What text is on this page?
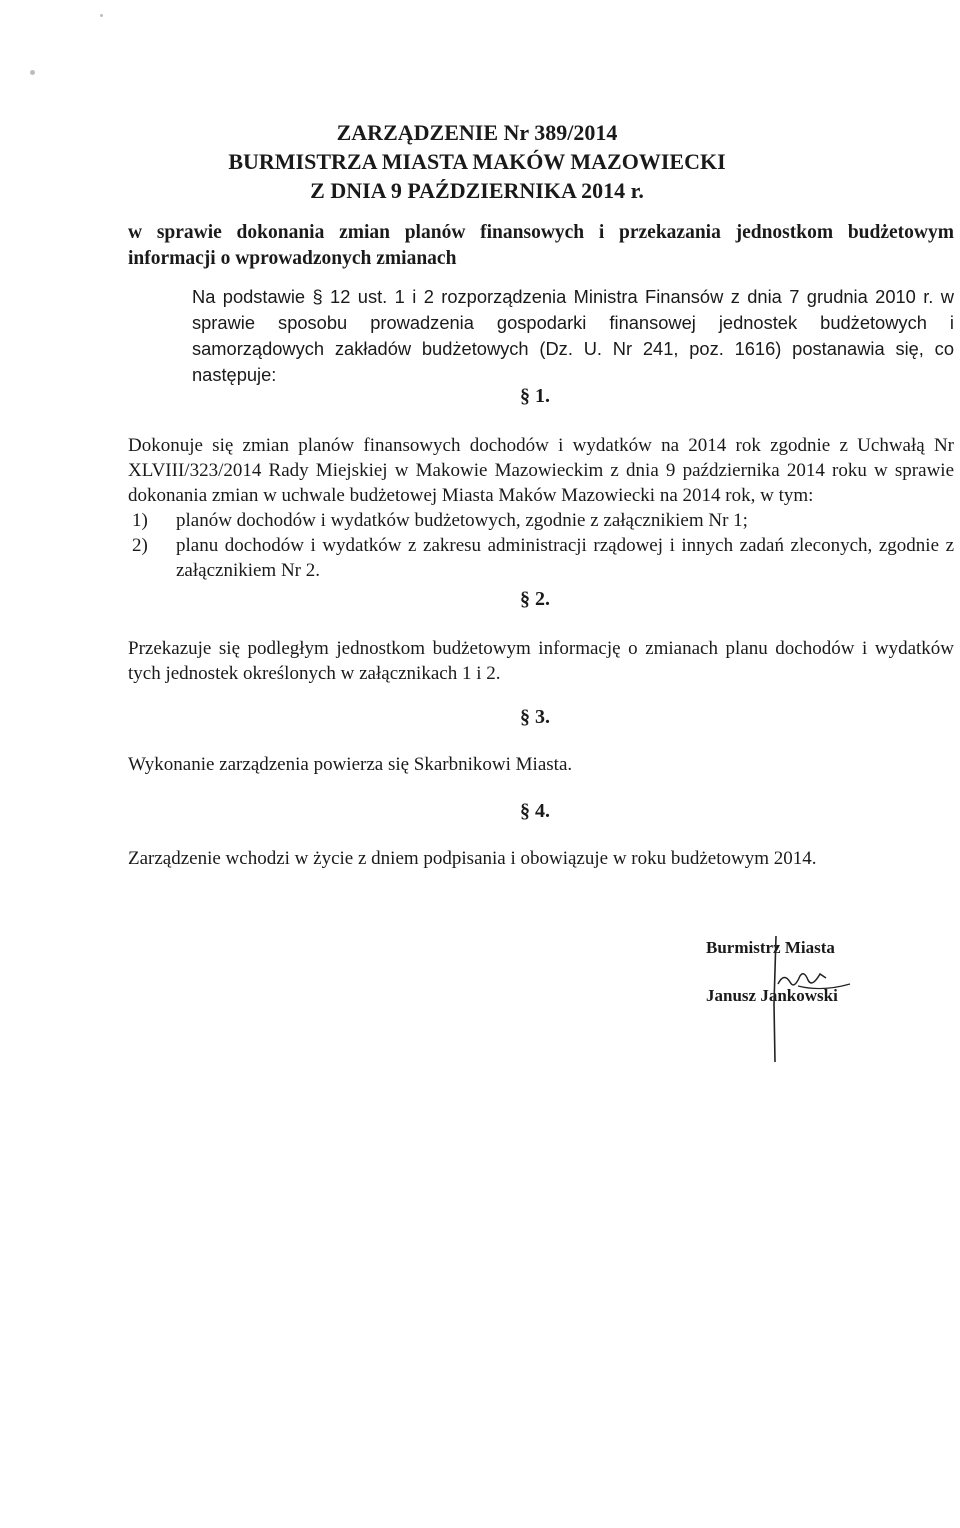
ZARZĄDZENIE Nr 389/2014
BURMISTRZA MIASTA MAKÓW MAZOWIECKI
Z DNIA 9 PAŹDZIERNIKA 2014 r.
w sprawie dokonania zmian planów finansowych i przekazania jednostkom budżetowym informacji o wprowadzonych zmianach
Na podstawie § 12 ust. 1 i 2 rozporządzenia Ministra Finansów z dnia 7 grudnia 2010 r. w sprawie sposobu prowadzenia gospodarki finansowej jednostek budżetowych i samorządowych zakładów budżetowych (Dz. U. Nr 241, poz. 1616) postanawia się, co następuje:
§ 1.
Dokonuje się zmian planów finansowych dochodów i wydatków na 2014 rok zgodnie z Uchwałą Nr XLVIII/323/2014 Rady Miejskiej w Makowie Mazowieckim z dnia 9 października 2014 roku w sprawie dokonania zmian w uchwale budżetowej Miasta Maków Mazowiecki na 2014 rok, w tym:
1) planów dochodów i wydatków budżetowych, zgodnie z załącznikiem Nr 1;
2) planu dochodów i wydatków z zakresu administracji rządowej i innych zadań zleconych, zgodnie z załącznikiem Nr 2.
§ 2.
Przekazuje się podległym jednostkom budżetowym informację o zmianach planu dochodów i wydatków tych jednostek określonych w załącznikach 1 i 2.
§ 3.
Wykonanie zarządzenia powierza się Skarbnikowi Miasta.
§ 4.
Zarządzenie wchodzi w życie z dniem podpisania i obowiązuje w roku budżetowym 2014.
Burmistrz Miasta
Janusz Jankowski
